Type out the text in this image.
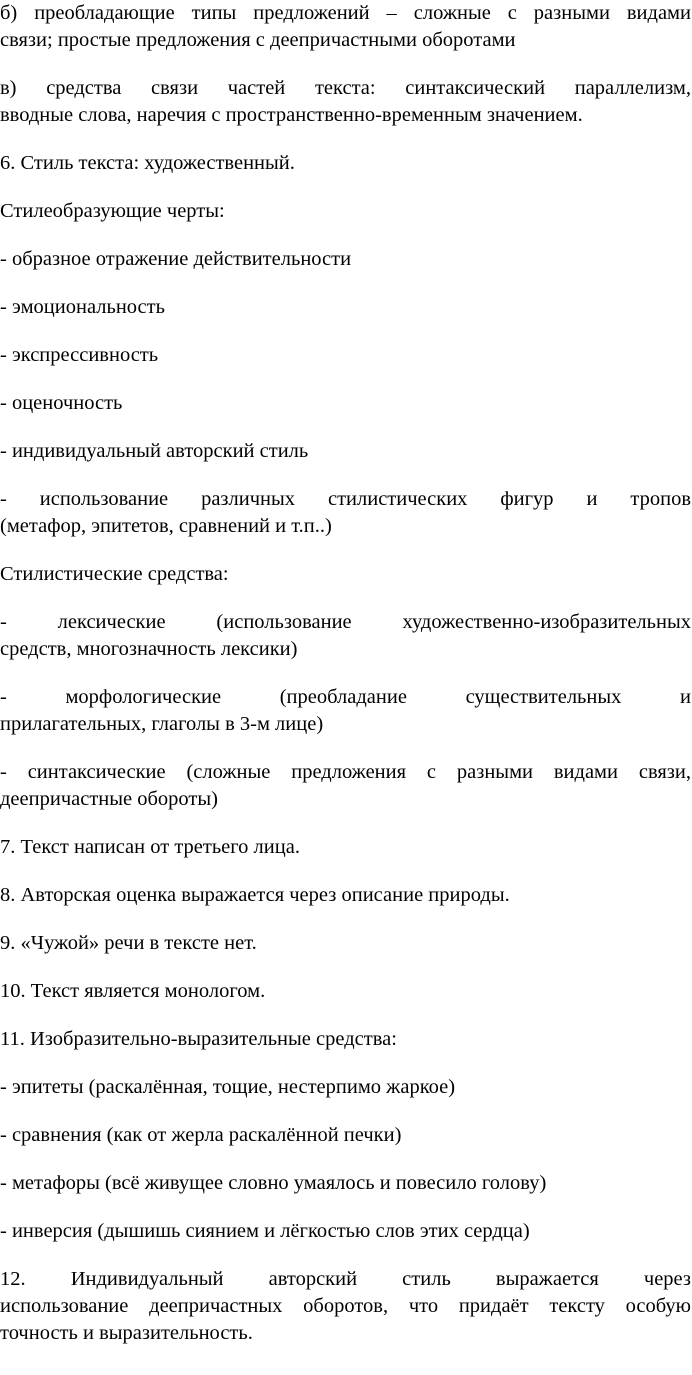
б) преобладающие типы предложений – сложные с разными видами
связи; простые предложения с деепричастными оборотами
в) средства связи частей текста: синтаксический параллелизм,
вводные слова, наречия с пространственно-временным значением.
6. Стиль текста: художественный.
Стилеобразующие черты:
- образное отражение действительности
- эмоциональность
- экспрессивность
- оценочность
- индивидуальный авторский стиль
- использование различных стилистических фигур и тропов
(метафор, эпитетов, сравнений и т.п..)
Стилистические средства:
- лексические (использование художественно-изобразительных
средств, многозначность лексики)
- морфологические (преобладание существительных и
прилагательных, глаголы в 3-м лице)
- синтаксические (сложные предложения с разными видами связи,
деепричастные обороты)
7. Текст написан от третьего лица.
8. Авторская оценка выражается через описание природы.
9. «Чужой» речи в тексте нет.
10. Текст является монологом.
11. Изобразительно-выразительные средства:
- эпитеты (раскалённая, тощие, нестерпимо жаркое)
- сравнения (как от жерла раскалённой печки)
- метафоры (всё живущее словно умаялось и повесило голову)
- инверсия (дышишь сиянием и лёгкостью слов этих сердца)
12. Индивидуальный авторский стиль выражается через
использование деепричастных оборотов, что придаёт тексту особую
точность и выразительность.
